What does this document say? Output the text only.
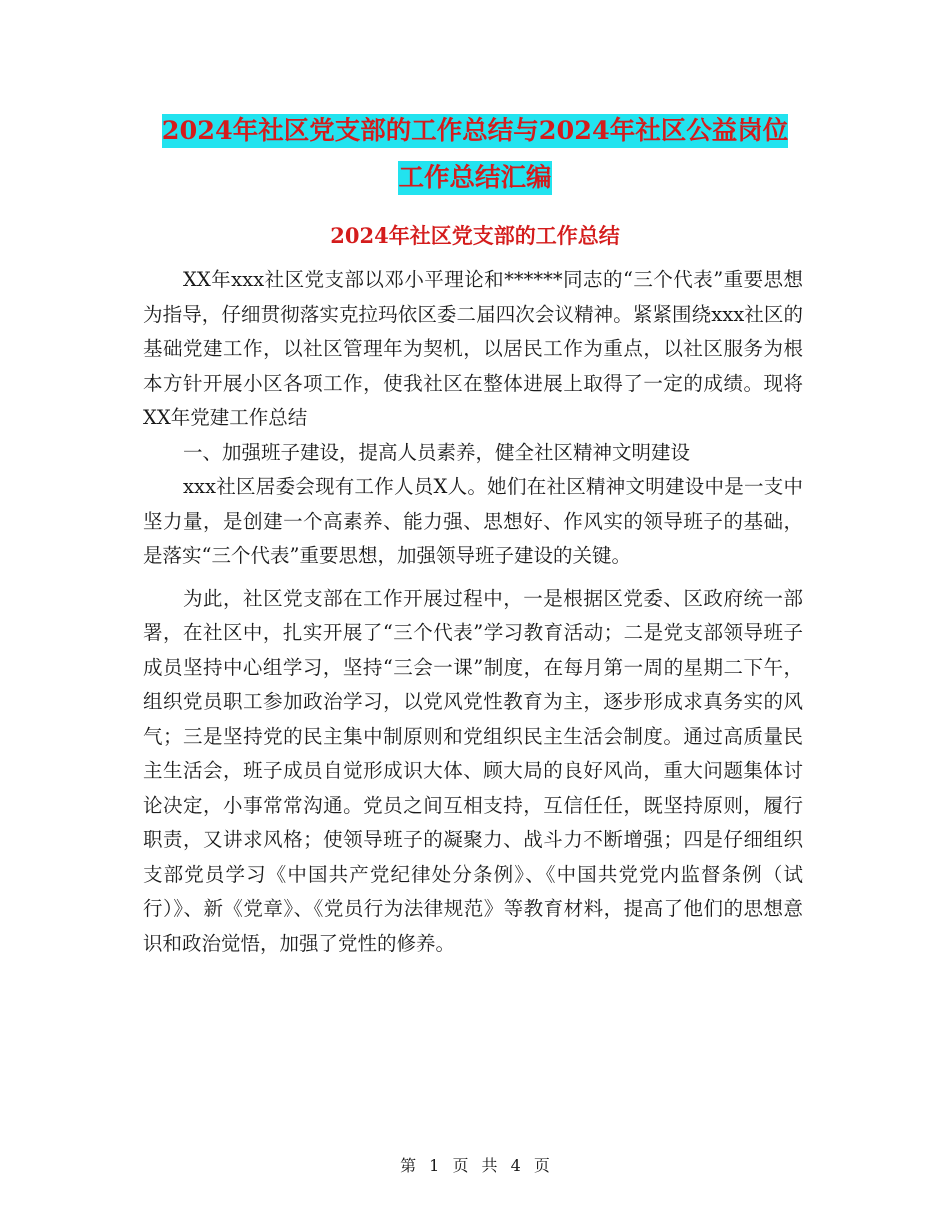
2024年社区党支部的工作总结与2024年社区公益岗位
工作总结汇编
2024年社区党支部的工作总结

XX年xxx社区党支部以邓小平理论和******同志的“三个代表”重要思想为指导，仔细贯彻落实克拉玛依区委二届四次会议精神。紧紧围绕xxx社区的基础党建工作，以社区管理年为契机，以居民工作为重点，以社区服务为根本方针开展小区各项工作，使我社区在整体进展上取得了一定的成绩。现将XX年党建工作总结

一、加强班子建设，提高人员素养，健全社区精神文明建设

xxx社区居委会现有工作人员X人。她们在社区精神文明建设中是一支中坚力量，是创建一个高素养、能力强、思想好、作风实的领导班子的基础，是落实“三个代表”重要思想，加强领导班子建设的关键。

为此，社区党支部在工作开展过程中，一是根据区党委、区政府统一部署，在社区中，扎实开展了“三个代表”学习教育活动；二是党支部领导班子成员坚持中心组学习，坚持“三会一课”制度，在每月第一周的星期二下午，组织党员职工参加政治学习，以党风党性教育为主，逐步形成求真务实的风气；三是坚持党的民主集中制原则和党组织民主生活会制度。通过高质量民主生活会，班子成员自觉形成识大体、顾大局的良好风尚，重大问题集体讨论决定，小事常常沟通。党员之间互相支持，互信任任，既坚持原则，履行职责，又讲求风格；使领导班子的凝聚力、战斗力不断增强；四是仔细组织支部党员学习《中国共产党纪律处分条例》、《中国共党党内监督条例（试行）》、新《党章》、《党员行为法律规范》等教育材料，提高了他们的思想意识和政治觉悟，加强了党性的修养。

第 1 页 共 4 页
